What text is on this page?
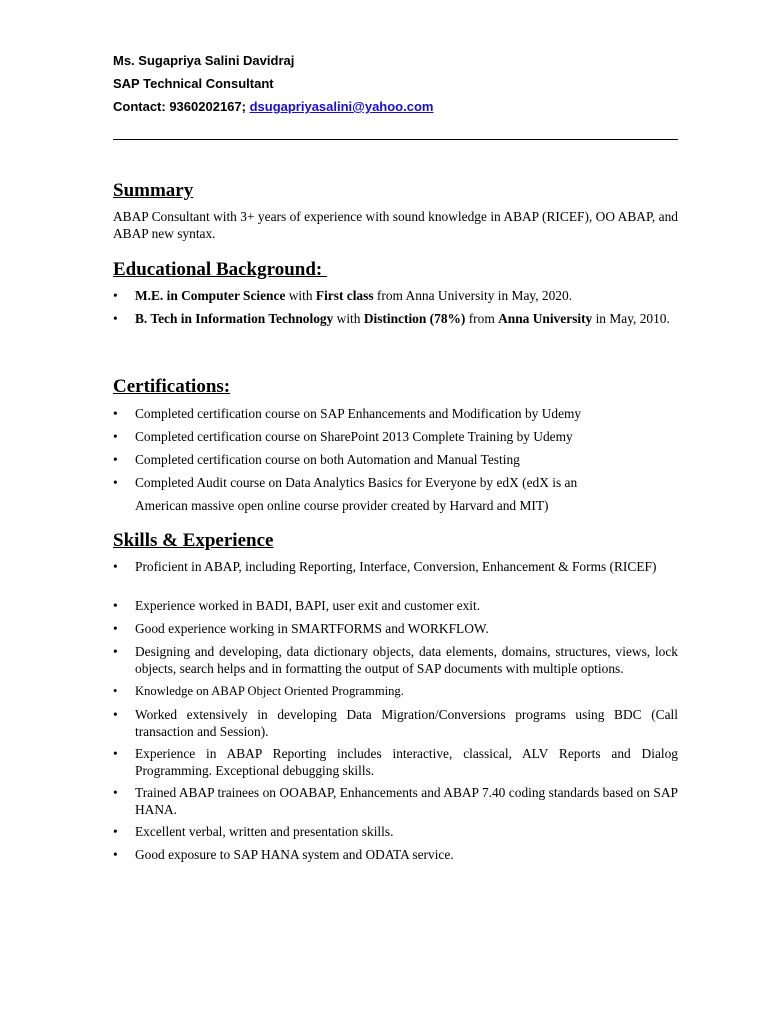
Ms. Sugapriya Salini Davidraj
SAP Technical Consultant
Contact: 9360202167; dsugapriyasalini@yahoo.com
Summary
ABAP Consultant with 3+ years of experience with sound knowledge in ABAP (RICEF), OO ABAP, and ABAP new syntax.
Educational Background:
•	M.E. in Computer Science with First class from Anna University in May, 2020.
•	B. Tech in Information Technology with Distinction (78%) from Anna University in May, 2010.
Certifications:
•	Completed certification course on SAP Enhancements and Modification by Udemy
•	Completed certification course on SharePoint 2013 Complete Training by Udemy
•	Completed certification course on both Automation and Manual Testing
•	Completed Audit course on Data Analytics Basics for Everyone by edX (edX is an
American massive open online course provider created by Harvard and MIT)
Skills & Experience
•	Proficient in ABAP, including Reporting, Interface, Conversion, Enhancement & Forms (RICEF)
•	Experience worked in BADI, BAPI, user exit and customer exit.
•	Good experience working in SMARTFORMS and WORKFLOW.
•	Designing and developing, data dictionary objects, data elements, domains, structures, views, lock objects, search helps and in formatting the output of SAP documents with multiple options.
•	Knowledge on ABAP Object Oriented Programming.
•	Worked extensively in developing Data Migration/Conversions programs using BDC (Call transaction and Session).
•	Experience in ABAP Reporting includes interactive, classical, ALV Reports and Dialog Programming. Exceptional debugging skills.
•	Trained ABAP trainees on OOABAP, Enhancements and ABAP 7.40 coding standards based on SAP HANA.
•	Excellent verbal, written and presentation skills.
•	Good exposure to SAP HANA system and ODATA service.
